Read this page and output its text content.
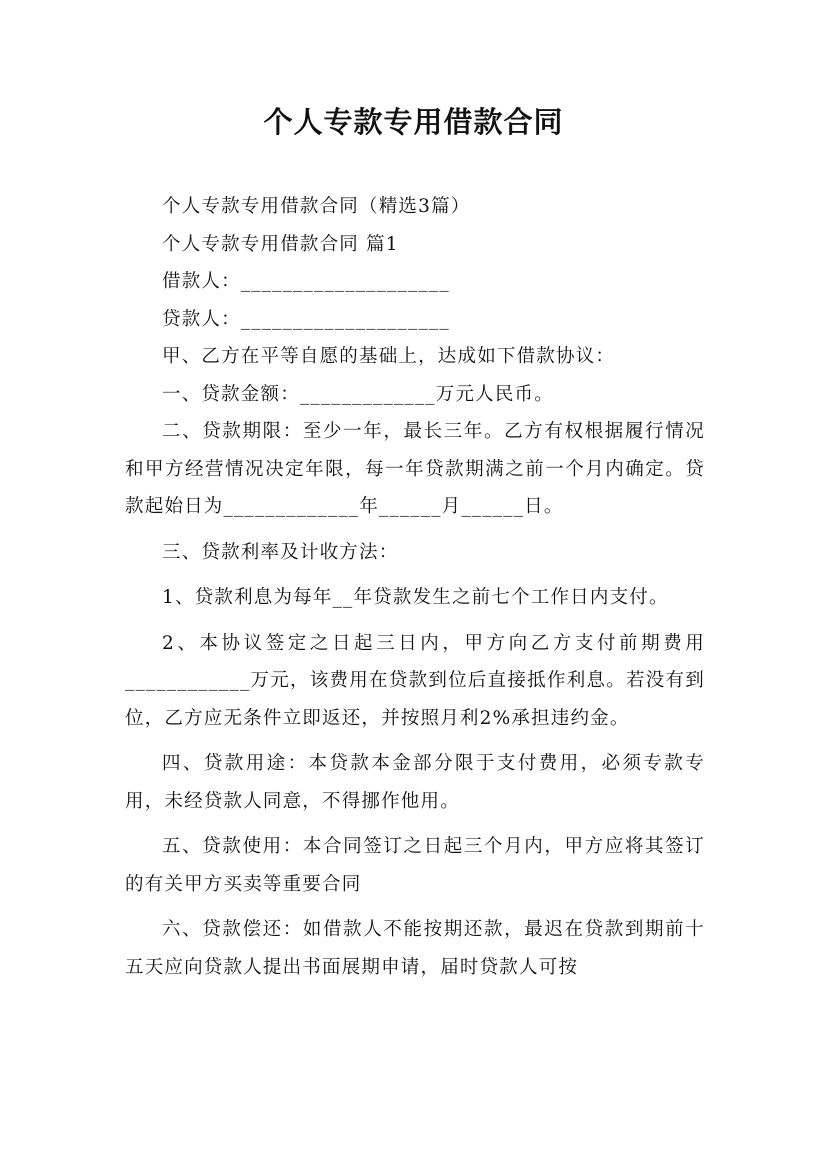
个人专款专用借款合同
个人专款专用借款合同（精选3篇）
个人专款专用借款合同 篇1
借款人：____________________
贷款人：____________________
甲、乙方在平等自愿的基础上，达成如下借款协议：
一、贷款金额：_____________万元人民币。

二、贷款期限：至少一年，最长三年。乙方有权根据履行情况和甲方经营情况决定年限，每一年贷款期满之前一个月内确定。贷款起始日为_____________年______月______日。

三、贷款利率及计收方法：

1、贷款利息为每年__年贷款发生之前七个工作日内支付。

2、本协议签定之日起三日内，甲方向乙方支付前期费用____________万元，该费用在贷款到位后直接抵作利息。若没有到位，乙方应无条件立即返还，并按照月利2%承担违约金。

四、贷款用途：本贷款本金部分限于支付费用，必须专款专用，未经贷款人同意，不得挪作他用。

五、贷款使用：本合同签订之日起三个月内，甲方应将其签订的有关甲方买卖等重要合同

六、贷款偿还：如借款人不能按期还款，最迟在贷款到期前十五天应向贷款人提出书面展期申请，届时贷款人可按
